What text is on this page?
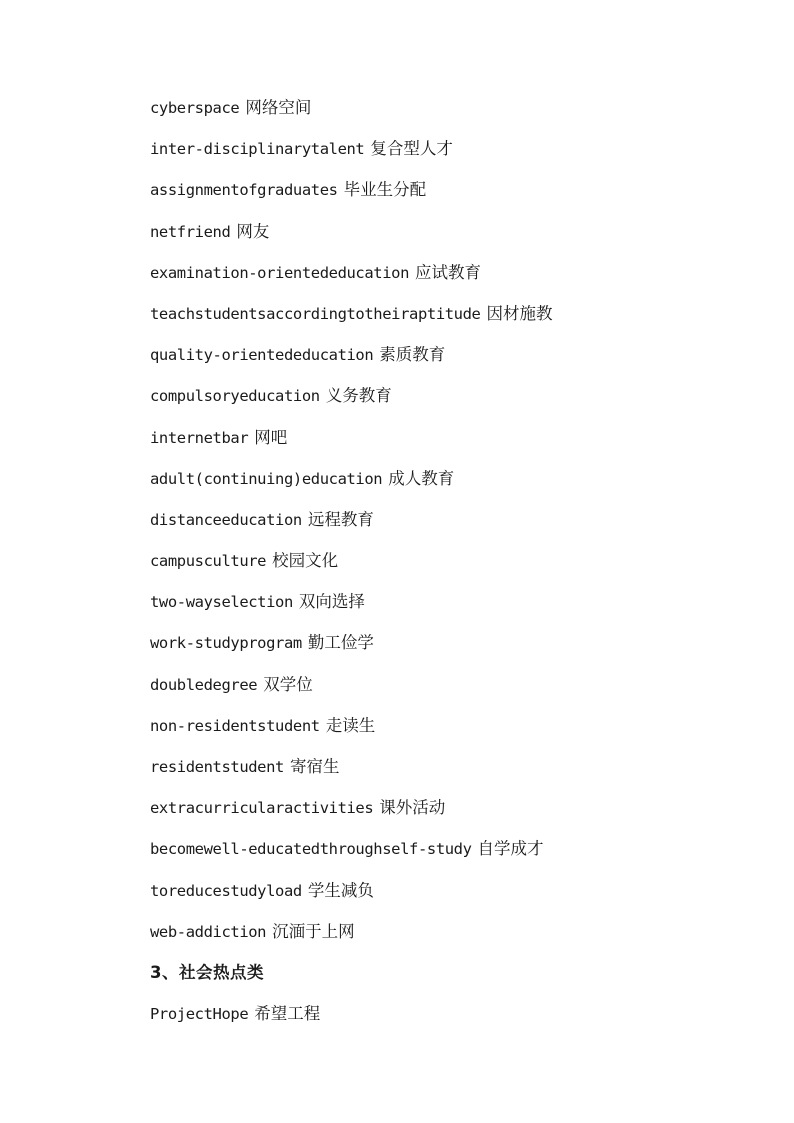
cyberspace 网络空间
inter-disciplinarytalent 复合型人才
assignmentofgraduates 毕业生分配
netfriend 网友
examination-orientededucation 应试教育
teachstudentsaccordingtotheiraptitude 因材施教
quality-orientededucation 素质教育
compulsoryeducation 义务教育
internetbar 网吧
adult(continuing)education 成人教育
distanceeducation 远程教育
campusculture 校园文化
two-wayselection 双向选择
work-studyprogram 勤工俭学
doubledegree 双学位
non-residentstudent 走读生
residentstudent 寄宿生
extracurricularactivities 课外活动
becomewell-educatedthroughself-study 自学成才
toreducestudyload 学生减负
web-addiction 沉湎于上网
3、社会热点类
ProjectHope 希望工程
